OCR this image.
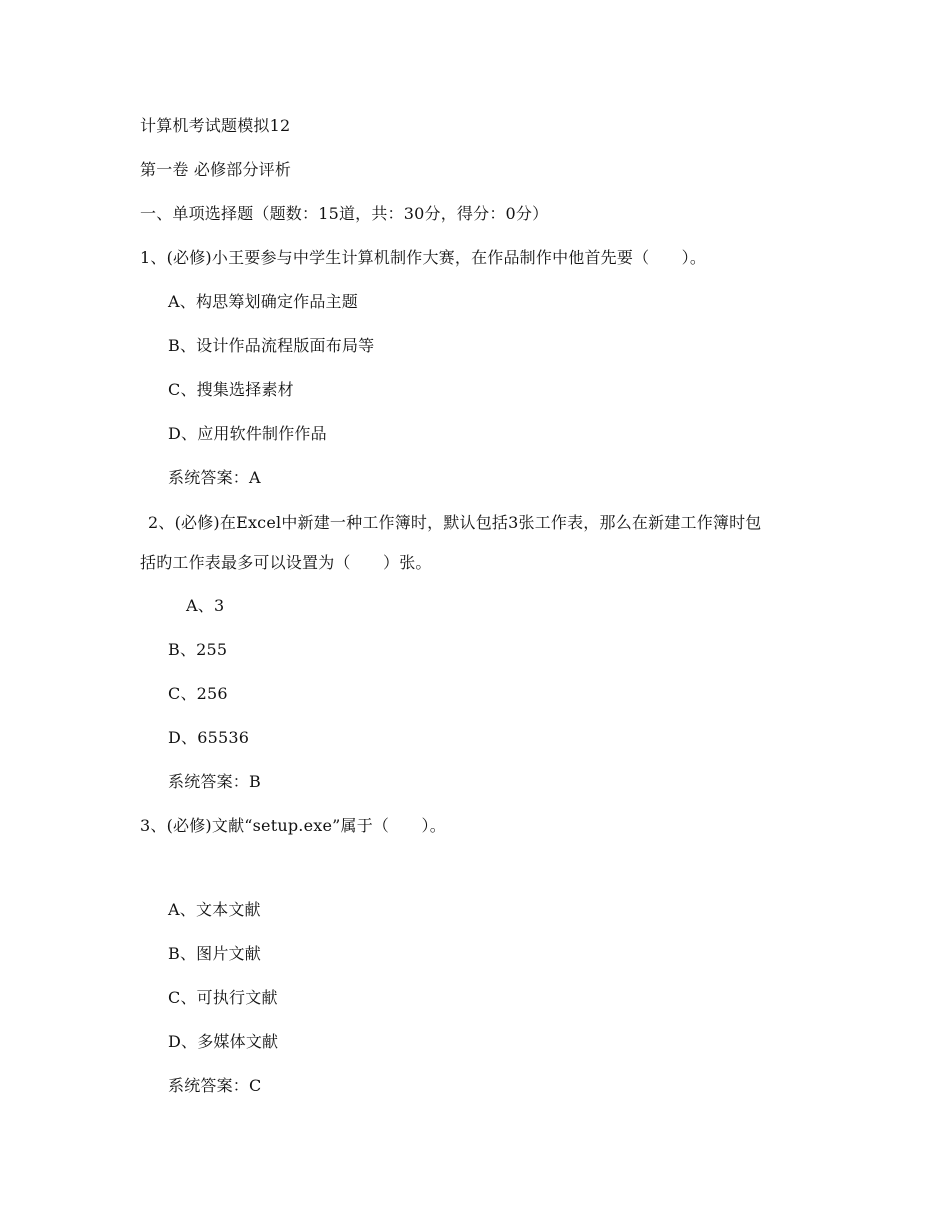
计算机考试题模拟12
第一卷 必修部分评析
一、单项选择题（题数：15道，共：30分，得分：0分）
1、(必修)小王要参与中学生计算机制作大赛，在作品制作中他首先要（　　）。
A、构思筹划确定作品主题
B、设计作品流程版面布局等
C、搜集选择素材
D、应用软件制作作品
系统答案：A
2、(必修)在Excel中新建一种工作簿时，默认包括3张工作表，那么在新建工作簿时包
括旳工作表最多可以设置为（　　）张。
A、3
B、255
C、256
D、65536
系统答案：B
3、(必修)文献“setup.exe”属于（　　）。
A、文本文献
B、图片文献
C、可执行文献
D、多媒体文献
系统答案：C
